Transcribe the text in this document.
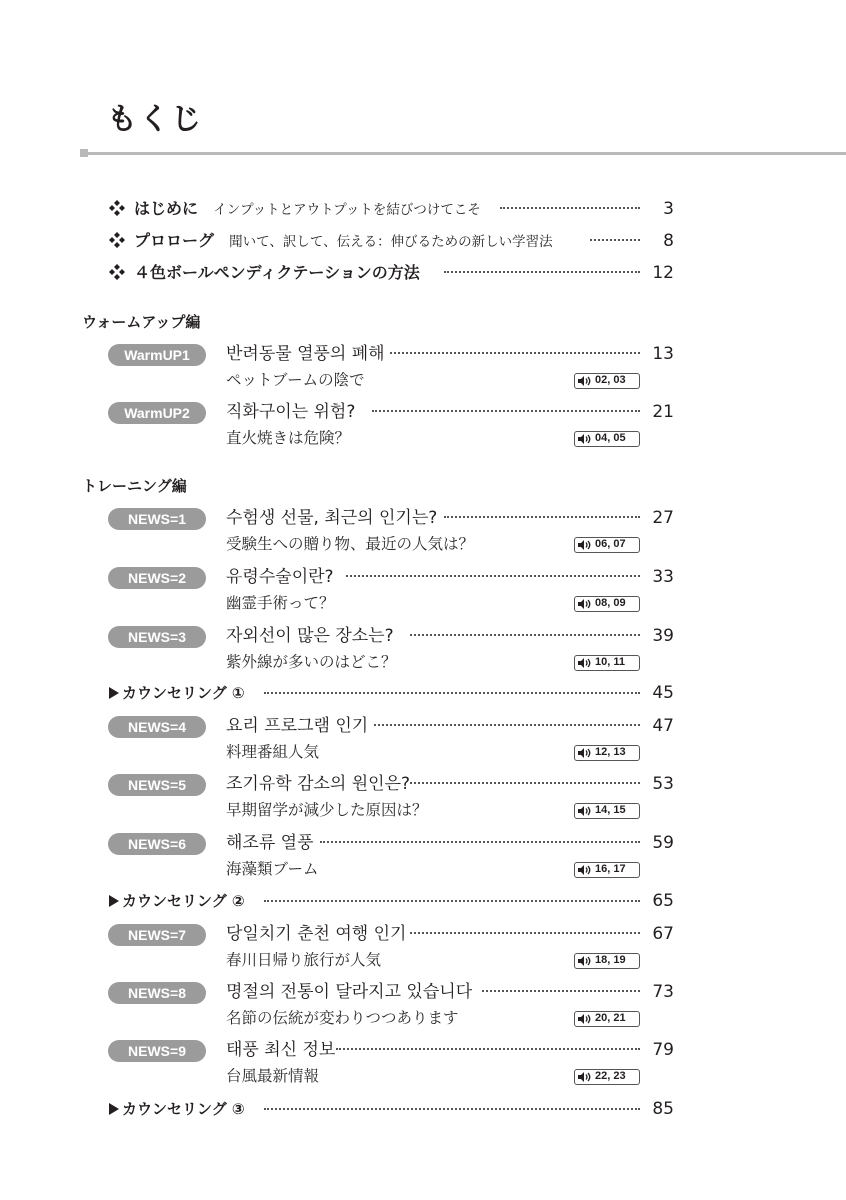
もくじ
はじめに インプットとアウトプットを結びつけてこそ	3
プロローグ 聞いて、訳して、伝える：伸びるための新しい学習法	8
４色ボールペンディクテーションの方法	12
ウォームアップ編
WarmUP1	반려동물 열풍의 폐해	13
ペットブームの陰で	02, 03
WarmUP2	직화구이는 위험?	21
直火焼きは危険？	04, 05
トレーニング編
NEWS=1	수험생 선물, 최근의 인기는?	27
受験生への贈り物、最近の人気は？	06, 07
NEWS=2	유령수술이란?	33
幽霊手術って？	08, 09
NEWS=3	자외선이 많은 장소는?	39
紫外線が多いのはどこ？	10, 11
カウンセリング ①	45
NEWS=4	요리 프로그램 인기	47
料理番組人気	12, 13
NEWS=5	조기유학 감소의 원인은?	53
早期留学が減少した原因は？	14, 15
NEWS=6	해조류 열풍	59
海藻類ブーム	16, 17
カウンセリング ②	65
NEWS=7	당일치기 춘천 여행 인기	67
春川日帰り旅行が人気	18, 19
NEWS=8	명절의 전통이 달라지고 있습니다	73
名節の伝統が変わりつつあります	20, 21
NEWS=9	태풍 최신 정보	79
台風最新情報	22, 23
カウンセリング ③	85
